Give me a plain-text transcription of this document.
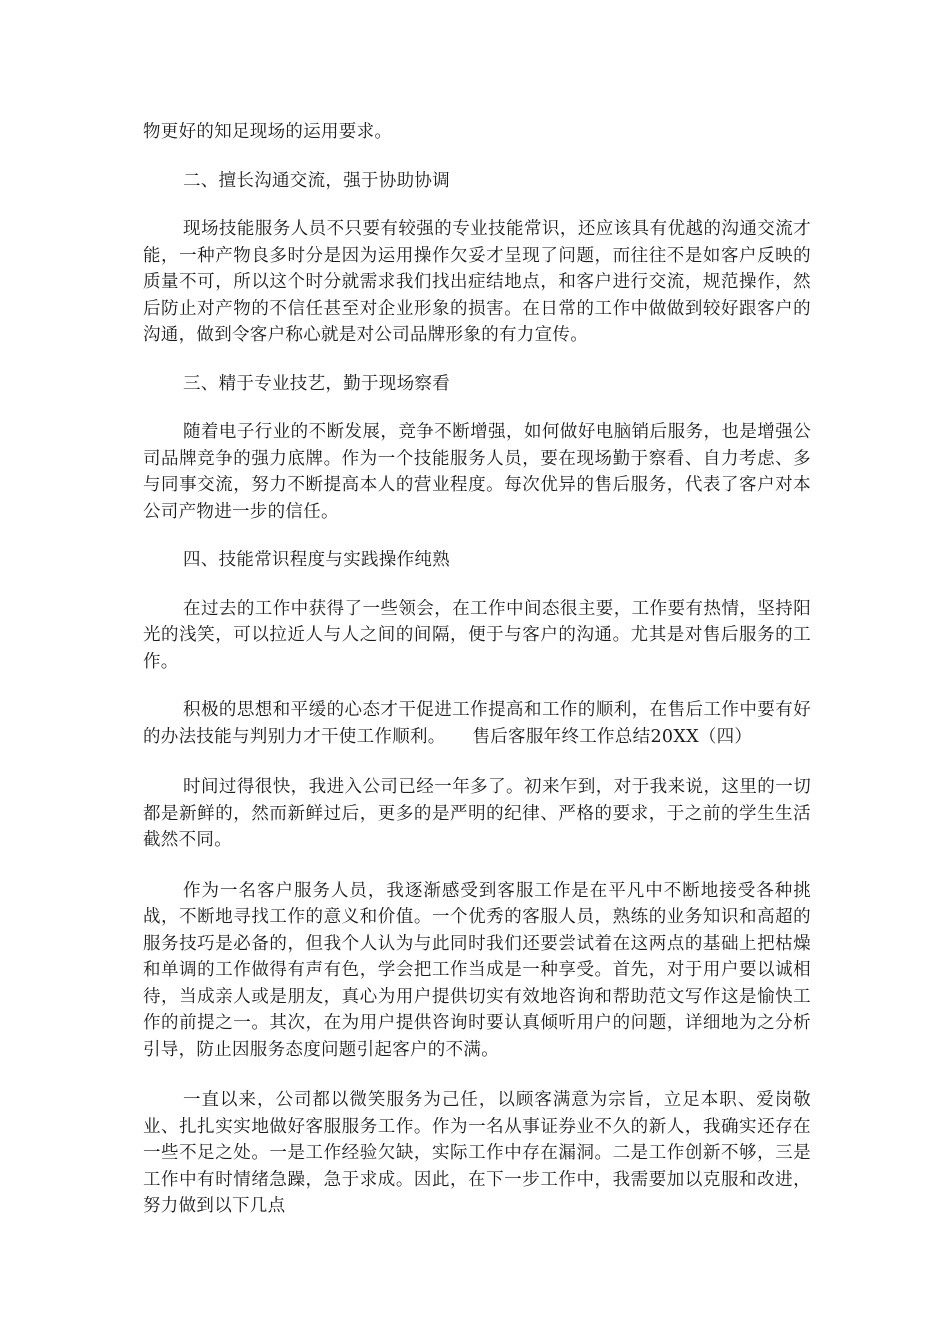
物更好的知足现场的运用要求。

二、擅长沟通交流，强于协助协调

现场技能服务人员不只要有较强的专业技能常识，还应该具有优越的沟通交流才能，一种产物良多时分是因为运用操作欠妥才呈现了问题，而往往不是如客户反映的质量不可，所以这个时分就需求我们找出症结地点，和客户进行交流，规范操作，然后防止对产物的不信任甚至对企业形象的损害。在日常的工作中做做到较好跟客户的沟通，做到令客户称心就是对公司品牌形象的有力宣传。

三、精于专业技艺，勤于现场察看

随着电子行业的不断发展，竞争不断增强，如何做好电脑销后服务，也是增强公司品牌竞争的强力底牌。作为一个技能服务人员，要在现场勤于察看、自力考虑、多与同事交流，努力不断提高本人的营业程度。每次优异的售后服务，代表了客户对本公司产物进一步的信任。

四、技能常识程度与实践操作纯熟

在过去的工作中获得了一些领会，在工作中间态很主要，工作要有热情，坚持阳光的浅笑，可以拉近人与人之间的间隔，便于与客户的沟通。尤其是对售后服务的工作。

积极的思想和平缓的心态才干促进工作提高和工作的顺利，在售后工作中要有好的办法技能与判别力才干使工作顺利。　　售后客服年终工作总结20XX（四）

时间过得很快，我进入公司已经一年多了。初来乍到，对于我来说，这里的一切都是新鲜的，然而新鲜过后，更多的是严明的纪律、严格的要求，于之前的学生生活截然不同。

作为一名客户服务人员，我逐渐感受到客服工作是在平凡中不断地接受各种挑战，不断地寻找工作的意义和价值。一个优秀的客服人员，熟练的业务知识和高超的服务技巧是必备的，但我个人认为与此同时我们还要尝试着在这两点的基础上把枯燥和单调的工作做得有声有色，学会把工作当成是一种享受。首先，对于用户要以诚相待，当成亲人或是朋友，真心为用户提供切实有效地咨询和帮助范文写作这是愉快工作的前提之一。其次，在为用户提供咨询时要认真倾听用户的问题，详细地为之分析引导，防止因服务态度问题引起客户的不满。

一直以来，公司都以微笑服务为己任，以顾客满意为宗旨，立足本职、爱岗敬业、扎扎实实地做好客服服务工作。作为一名从事证券业不久的新人，我确实还存在一些不足之处。一是工作经验欠缺，实际工作中存在漏洞。二是工作创新不够，三是工作中有时情绪急躁，急于求成。因此，在下一步工作中，我需要加以克服和改进，努力做到以下几点
